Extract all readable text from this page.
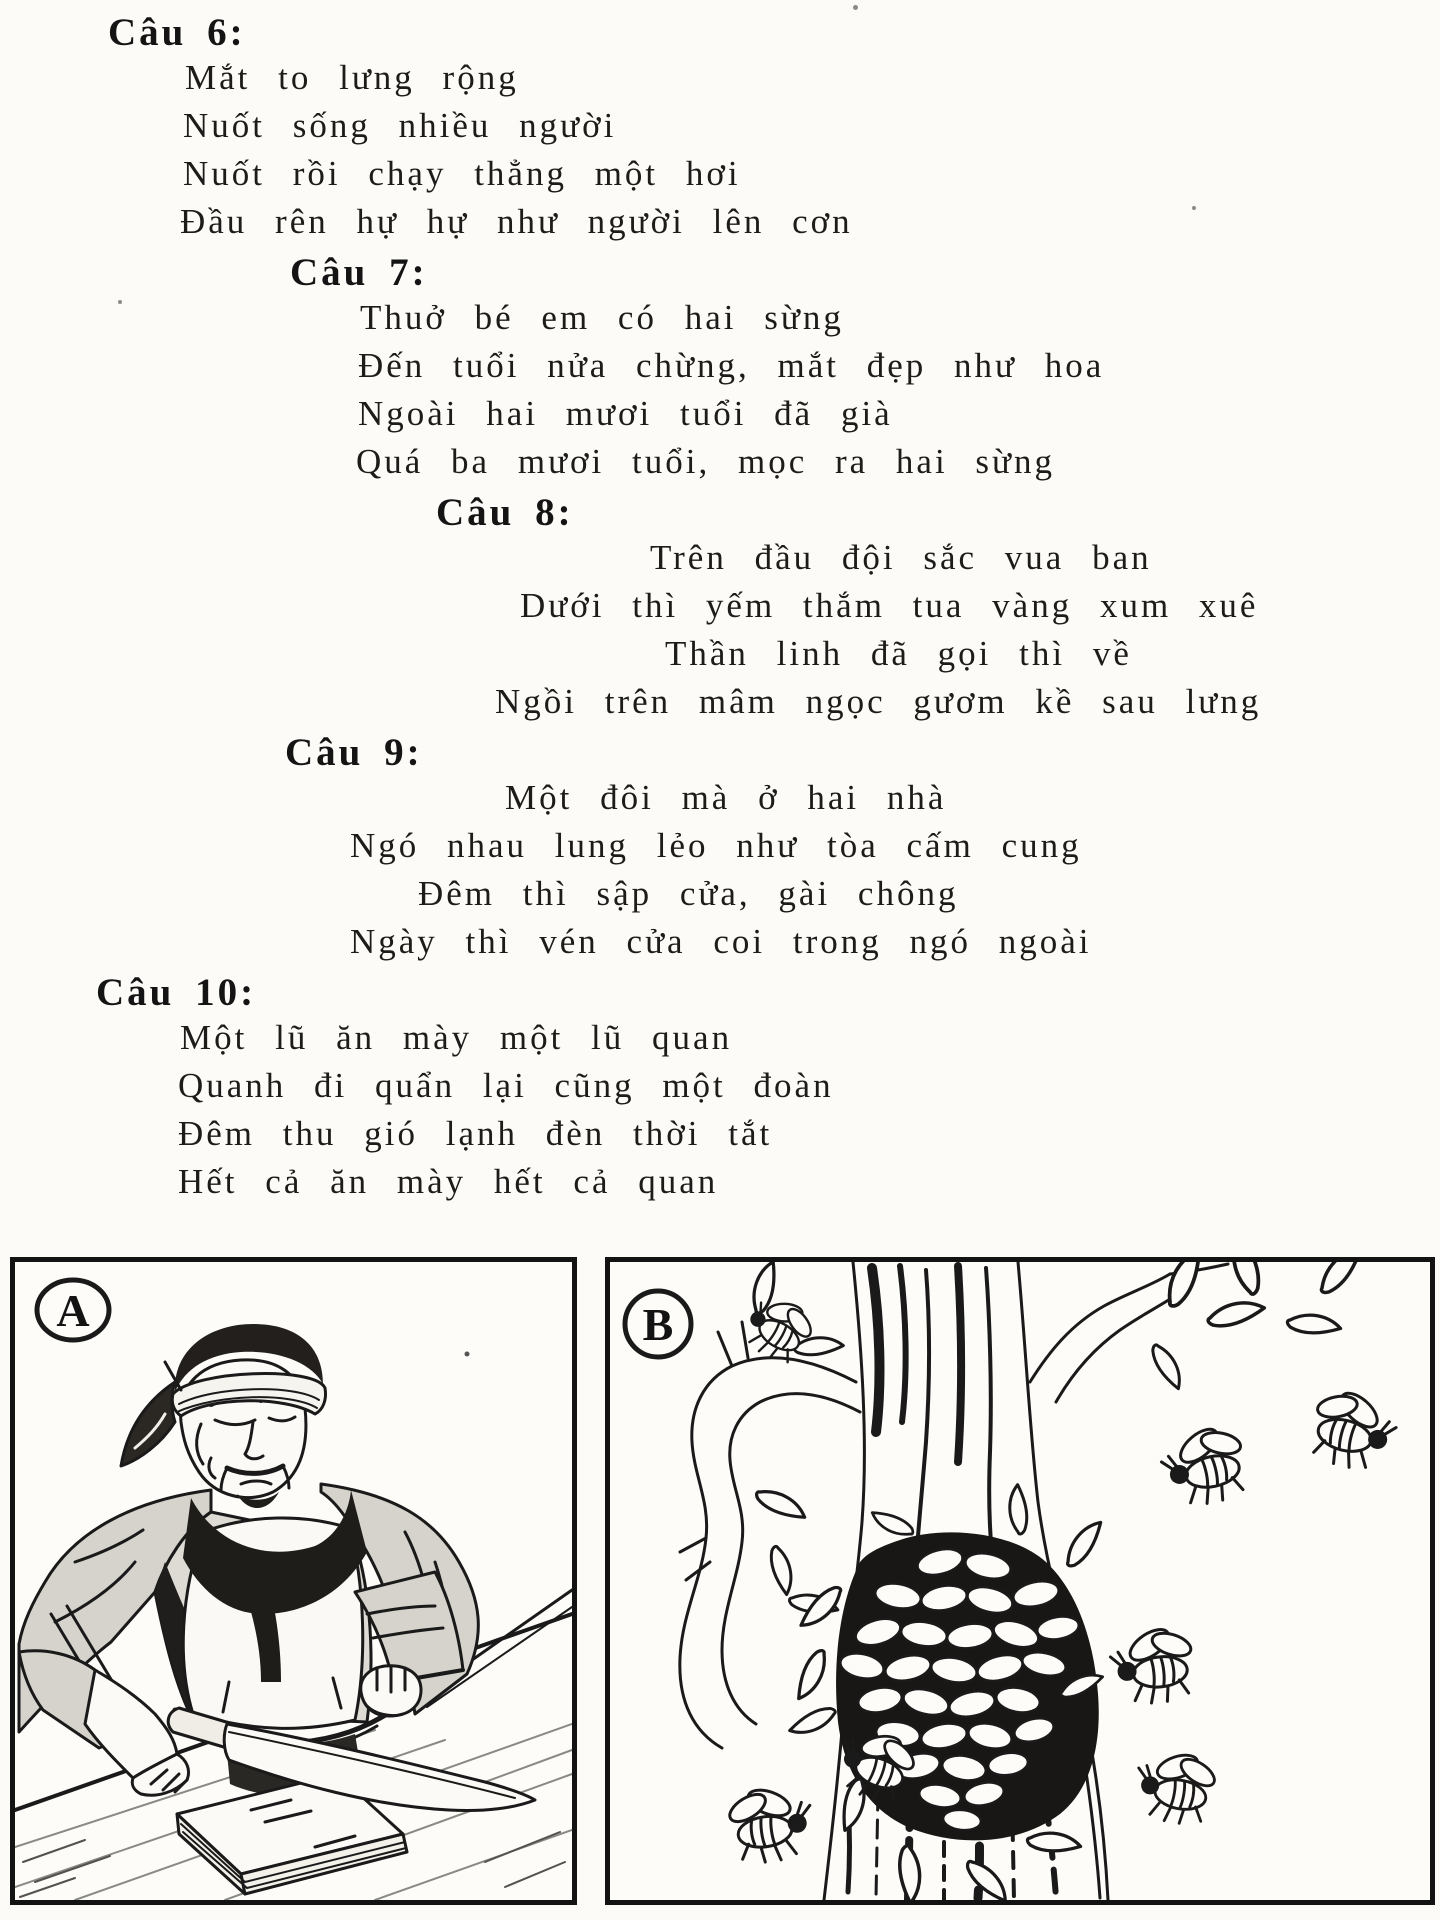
Câu 6:
Mắt to lưng rộng
Nuốt sống nhiều người
Nuốt rồi chạy thẳng một hơi
Đầu rên hự hự như người lên cơn
Câu 7:
Thuở bé em có hai sừng
Đến tuổi nửa chừng, mắt đẹp như hoa
Ngoài hai mươi tuổi đã già
Quá ba mươi tuổi, mọc ra hai sừng
Câu 8:
Trên đầu đội sắc vua ban
Dưới thì yếm thắm tua vàng xum xuê
Thần linh đã gọi thì về
Ngồi trên mâm ngọc gươm kề sau lưng
Câu 9:
Một đôi mà ở hai nhà
Ngó nhau lung lẻo như tòa cấm cung
Đêm thì sập cửa, gài chông
Ngày thì vén cửa coi trong ngó ngoài
Câu 10:
Một lũ ăn mày một lũ quan
Quanh đi quẩn lại cũng một đoàn
Đêm thu gió lạnh đèn thời tắt
Hết cả ăn mày hết cả quan
A	B
